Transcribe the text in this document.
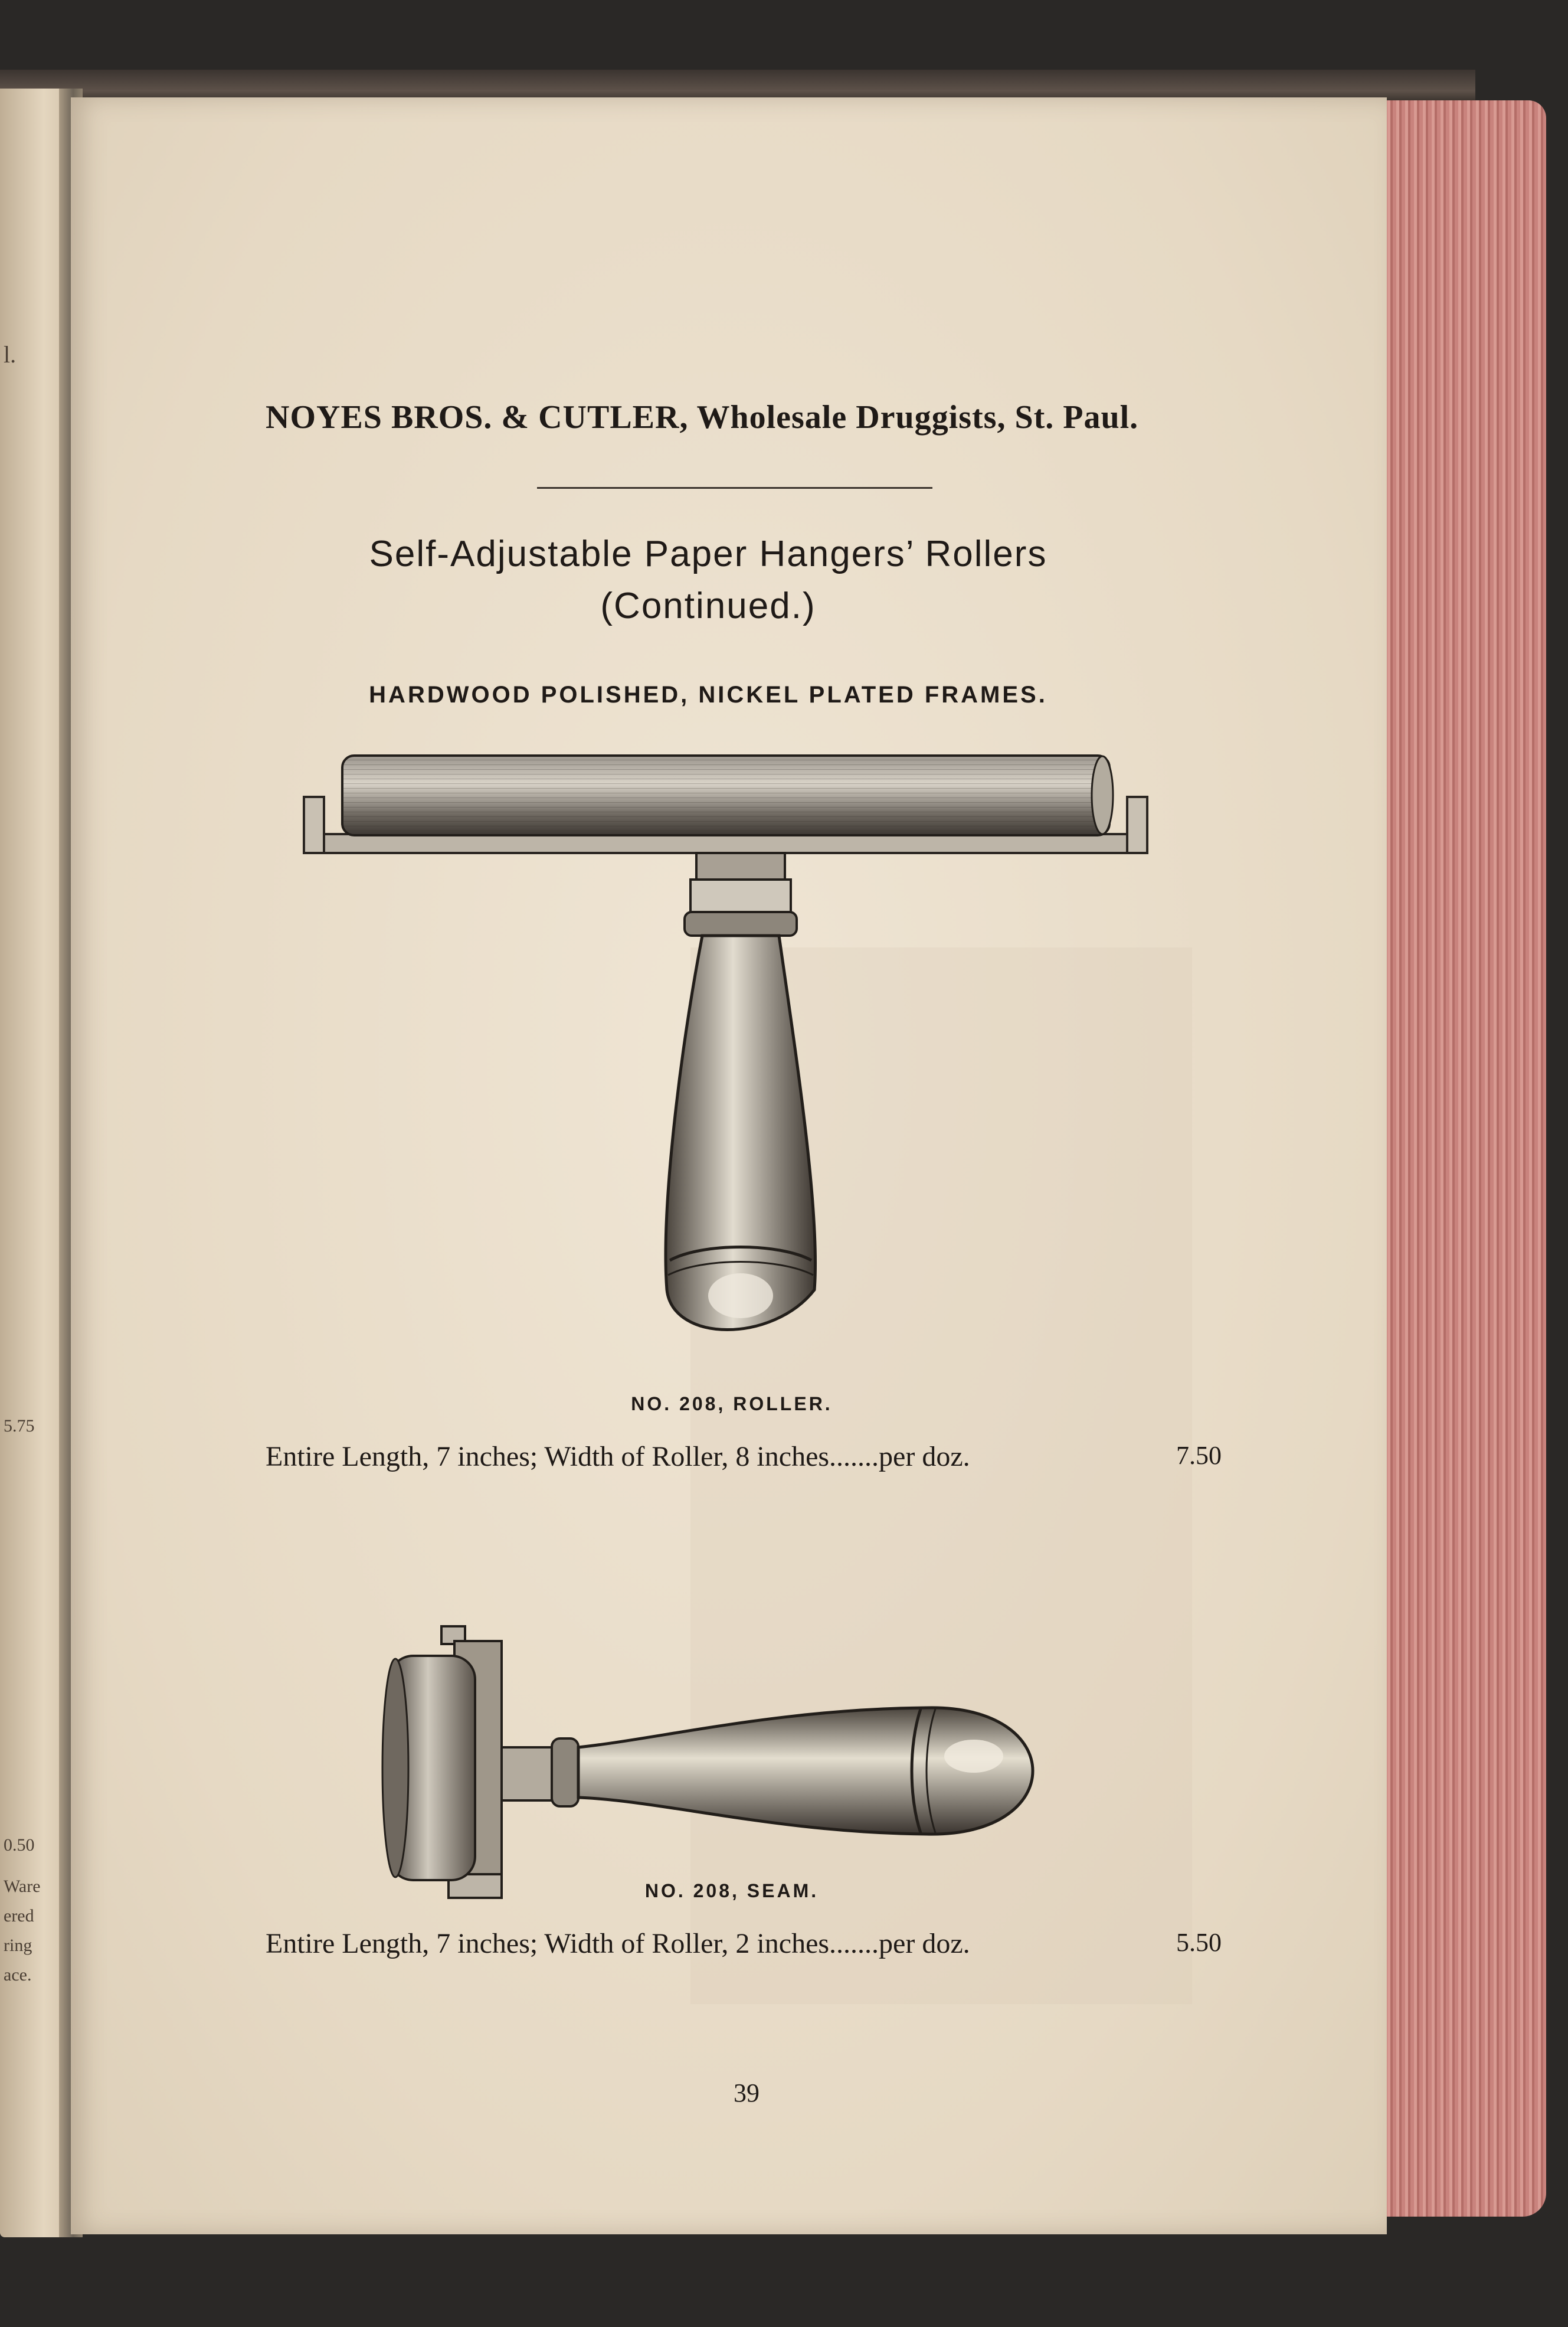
l.
5.75
0.50
Ware
ered
ring
ace.
NOYES BROS. & CUTLER, Wholesale Druggists, St. Paul.
Self-Adjustable Paper Hangers’ Rollers
(Continued.)
HARDWOOD POLISHED, NICKEL PLATED FRAMES.
NO. 208, ROLLER.
Entire Length, 7 inches; Width of Roller, 8 inches.......per doz.	7.50
NO. 208, SEAM.
Entire Length, 7 inches; Width of Roller, 2 inches.......per doz.	5.50
39
